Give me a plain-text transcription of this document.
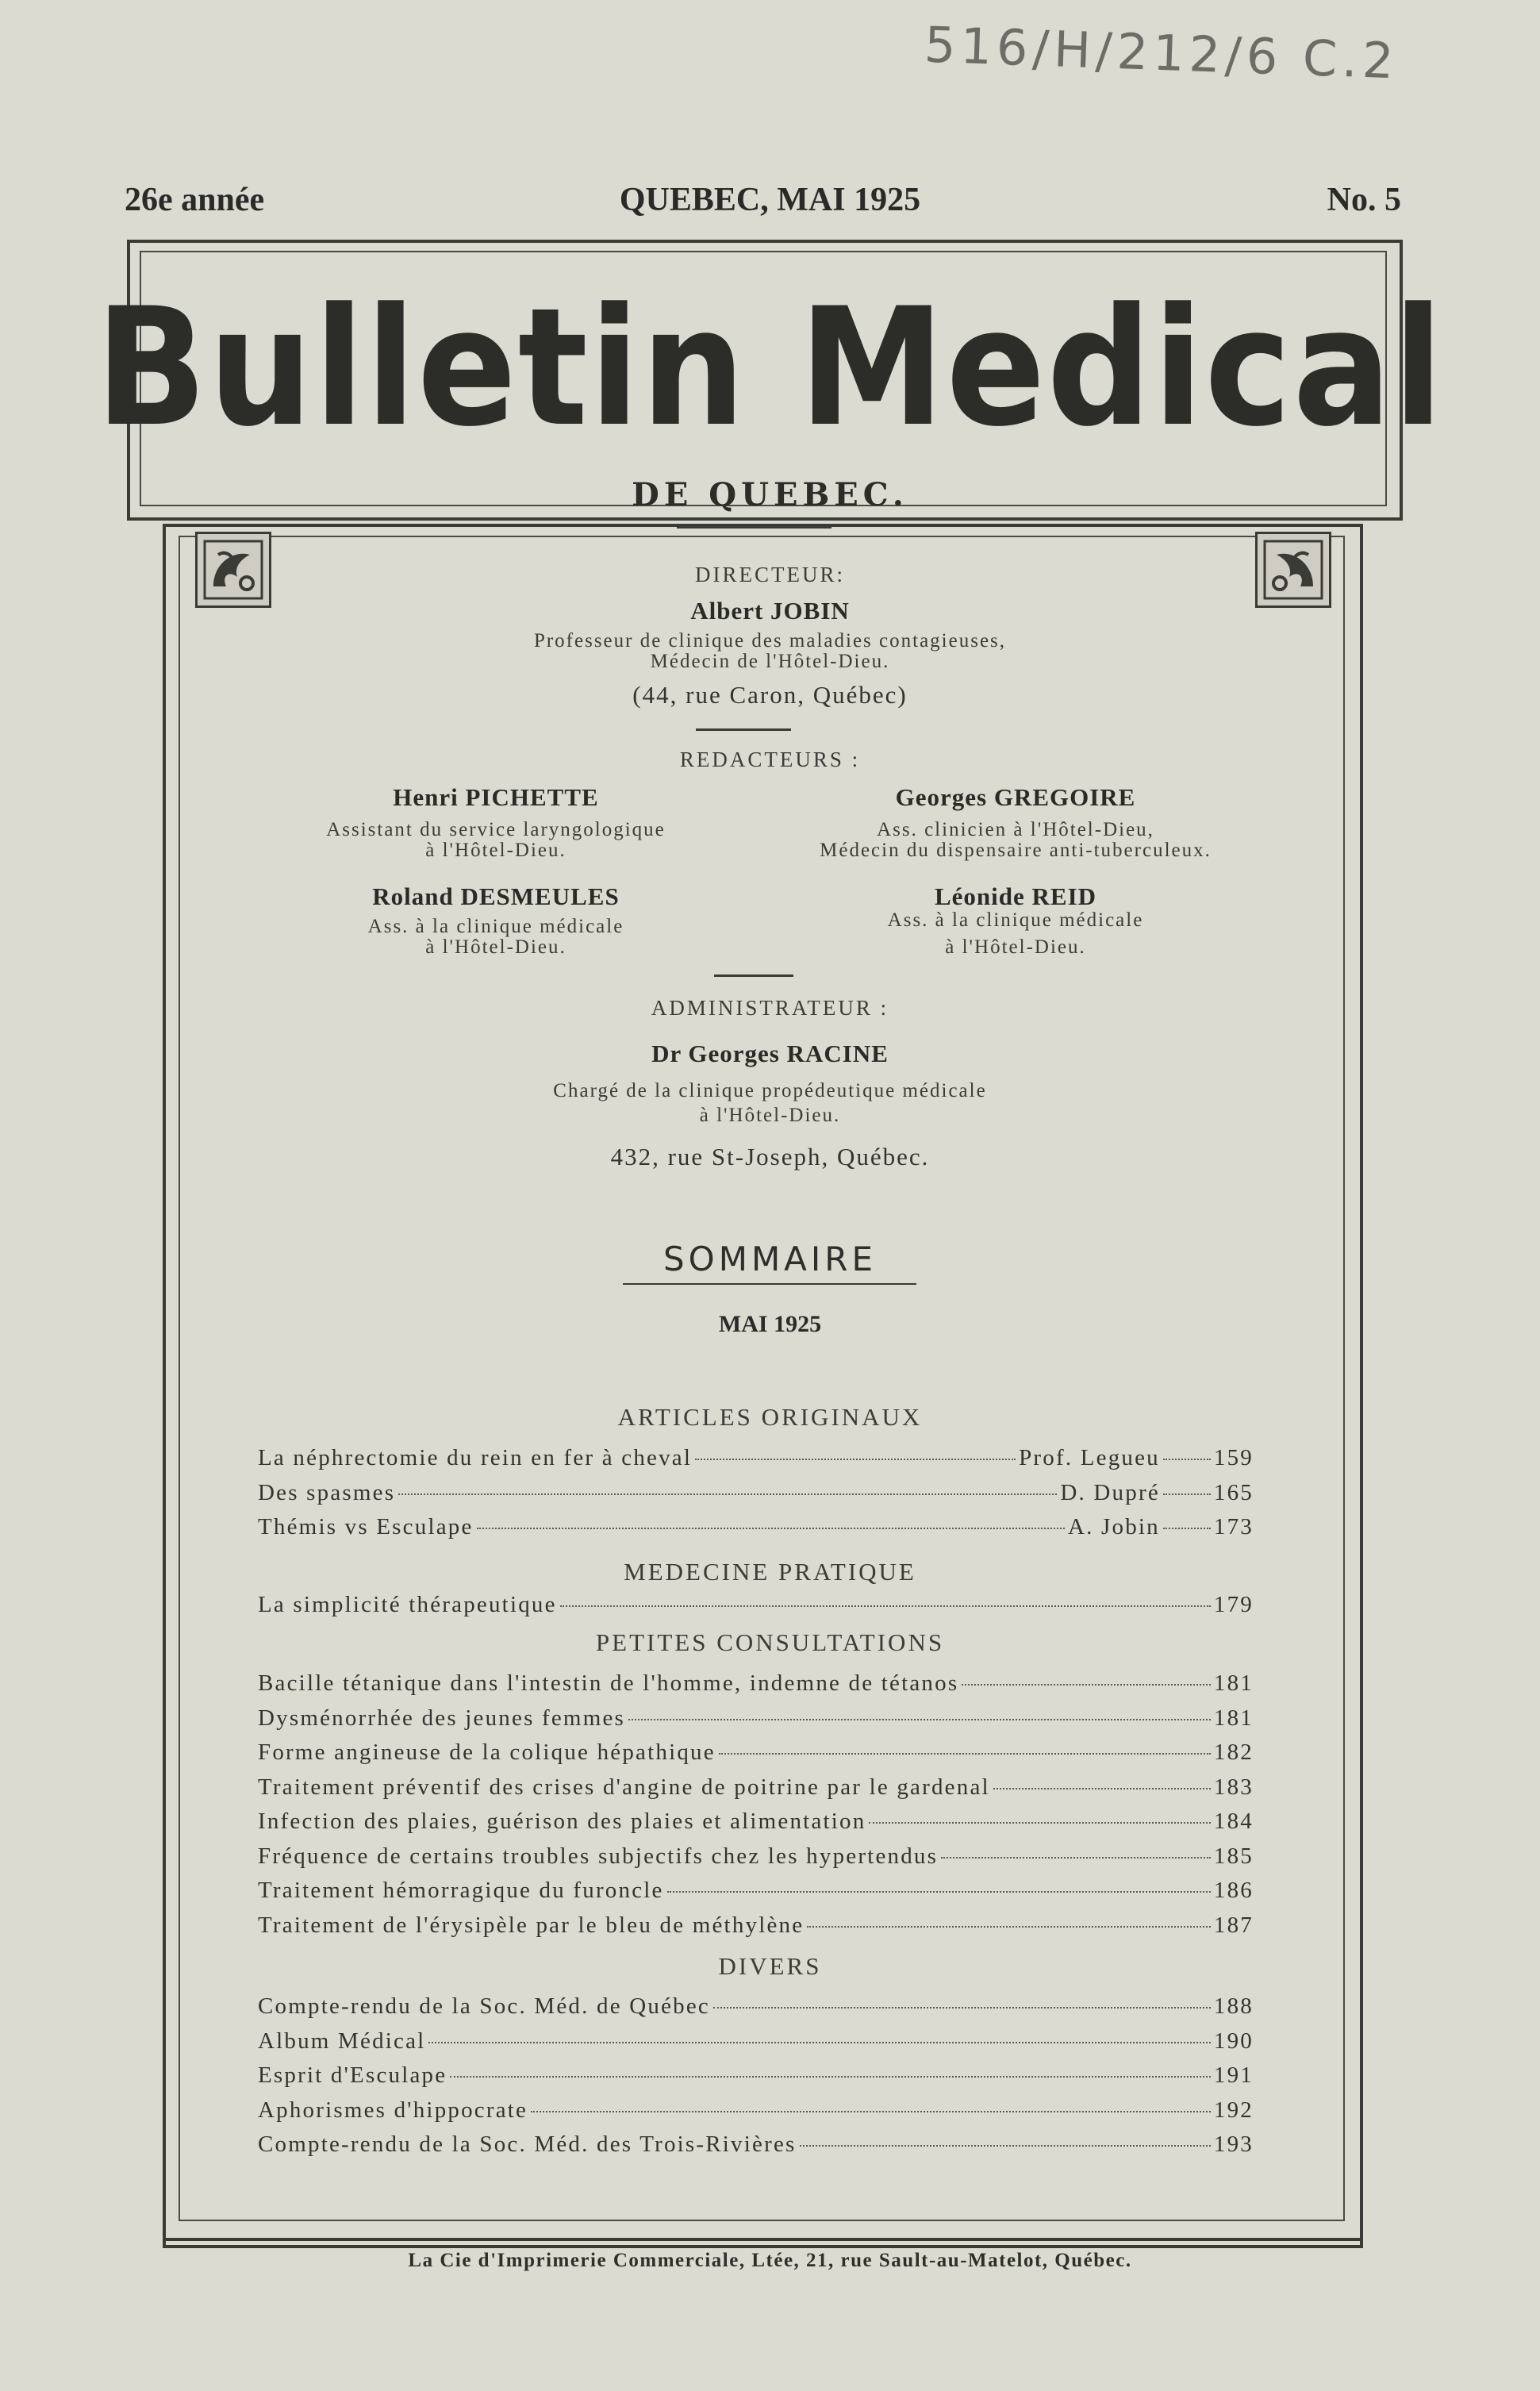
516/H/212/6 C.2
26e année	QUEBEC, MAI 1925	No. 5
Bulletin Medical
DE QUEBEC.
DIRECTEUR:
Albert JOBIN
Professeur de clinique des maladies contagieuses,
Médecin de l'Hôtel-Dieu.
(44, rue Caron, Québec)
REDACTEURS :
Henri PICHETTE
Assistant du service laryngologique
à l'Hôtel-Dieu.
Georges GREGOIRE
Ass. clinicien à l'Hôtel-Dieu,
Médecin du dispensaire anti-tuberculeux.
Roland DESMEULES
Ass. à la clinique médicale
à l'Hôtel-Dieu.
Léonide REID
Ass. à la clinique médicale
à l'Hôtel-Dieu.
ADMINISTRATEUR :
Dr Georges RACINE
Chargé de la clinique propédeutique médicale
à l'Hôtel-Dieu.
432, rue St-Joseph, Québec.
SOMMAIRE
MAI 1925
ARTICLES ORIGINAUX
La néphrectomie du rein en fer à cheval	Prof. Legueu 159
Des spasmes	D. Dupré 165
Thémis vs Esculape	A. Jobin 173
MEDECINE PRATIQUE
La simplicité thérapeutique	179
PETITES CONSULTATIONS
Bacille tétanique dans l'intestin de l'homme, indemne de tétanos	181
Dysménorrhée des jeunes femmes	181
Forme angineuse de la colique hépathique	182
Traitement préventif des crises d'angine de poitrine par le gardenal	183
Infection des plaies, guérison des plaies et alimentation	184
Fréquence de certains troubles subjectifs chez les hypertendus	185
Traitement hémorragique du furoncle	186
Traitement de l'érysipèle par le bleu de méthylène	187
DIVERS
Compte-rendu de la Soc. Méd. de Québec	188
Album Médical	190
Esprit d'Esculape	191
Aphorismes d'hippocrate	192
Compte-rendu de la Soc. Méd. des Trois-Rivières	193
La Cie d'Imprimerie Commerciale, Ltée, 21, rue Sault-au-Matelot, Québec.
